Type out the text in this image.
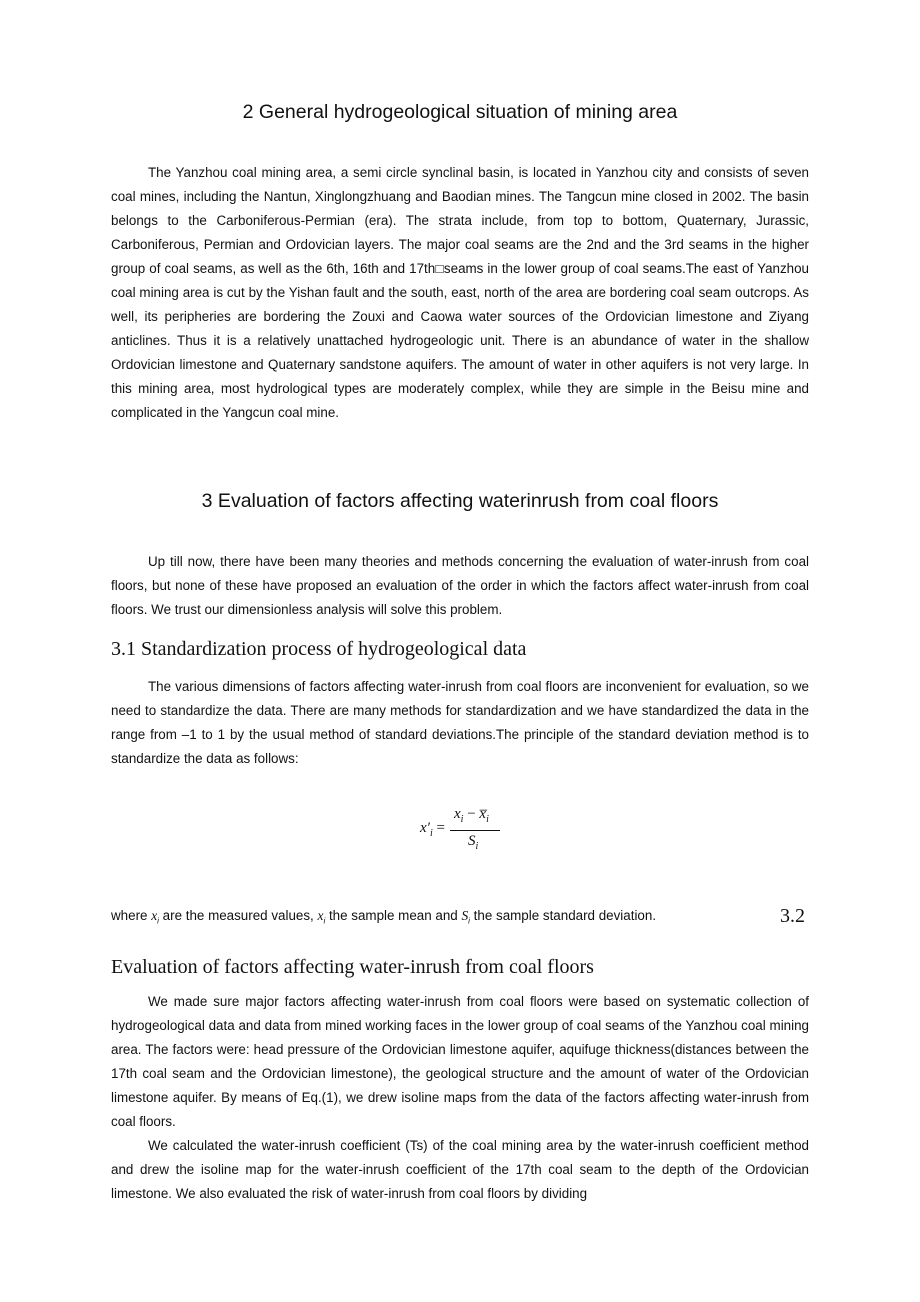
2 General hydrogeological situation of mining area

The Yanzhou coal mining area, a semi circle synclinal basin, is located in Yanzhou city and consists of seven coal mines, including the Nantun, Xinglongzhuang and Baodian mines. The Tangcun mine closed in 2002. The basin belongs to the Carboniferous-Permian (era). The strata include, from top to bottom, Quaternary, Jurassic, Carboniferous, Permian and Ordovician layers. The major coal seams are the 2nd and the 3rd seams in the higher group of coal seams, as well as the 6th, 16th and 17th□seams in the lower group of coal seams.The east of Yanzhou coal mining area is cut by the Yishan fault and the south, east, north of the area are bordering coal seam outcrops. As well, its peripheries are bordering the Zouxi and Caowa water sources of the Ordovician limestone and Ziyang anticlines. Thus it is a relatively unattached hydrogeologic unit. There is an abundance of water in the shallow Ordovician limestone and Quaternary sandstone aquifers. The amount of water in other aquifers is not very large. In this mining area, most hydrological types are moderately complex, while they are simple in the Beisu mine and complicated in the Yangcun coal mine.

3 Evaluation of factors affecting waterinrush from coal floors

Up till now, there have been many theories and methods concerning the evaluation of water-inrush from coal floors, but none of these have proposed an evaluation of the order in which the factors affect water-inrush from coal floors. We trust our dimensionless analysis will solve this problem.

3.1 Standardization process of hydrogeological data

The various dimensions of factors affecting water-inrush from coal floors are inconvenient for evaluation, so we need to standardize the data. There are many methods for standardization and we have standardized the data in the range from –1 to 1 by the usual method of standard deviations.The principle of the standard deviation method is to standardize the data as follows:

$x'_i$ =
$x_i$ − $x̅_i$
$S_i$
where $x_i$ are the measured values, $x_i$ the sample mean and $S_i$ the sample standard deviation.	3.2
Evaluation of factors affecting water-inrush from coal floors

We made sure major factors affecting water-inrush from coal floors were based on systematic collection of hydrogeological data and data from mined working faces in the lower group of coal seams of the Yanzhou coal mining area. The factors were: head pressure of the Ordovician limestone aquifer, aquifuge thickness(distances between the 17th coal seam and the Ordovician limestone), the geological structure and the amount of water of the Ordovician limestone aquifer. By means of Eq.(1), we drew isoline maps from the data of the factors affecting water-inrush from coal floors.

We calculated the water-inrush coefficient (Ts) of the coal mining area by the water-inrush coefficient method and drew the isoline map for the water-inrush coefficient of the 17th coal seam to the depth of the Ordovician limestone. We also evaluated the risk of water-inrush from coal floors by dividing
